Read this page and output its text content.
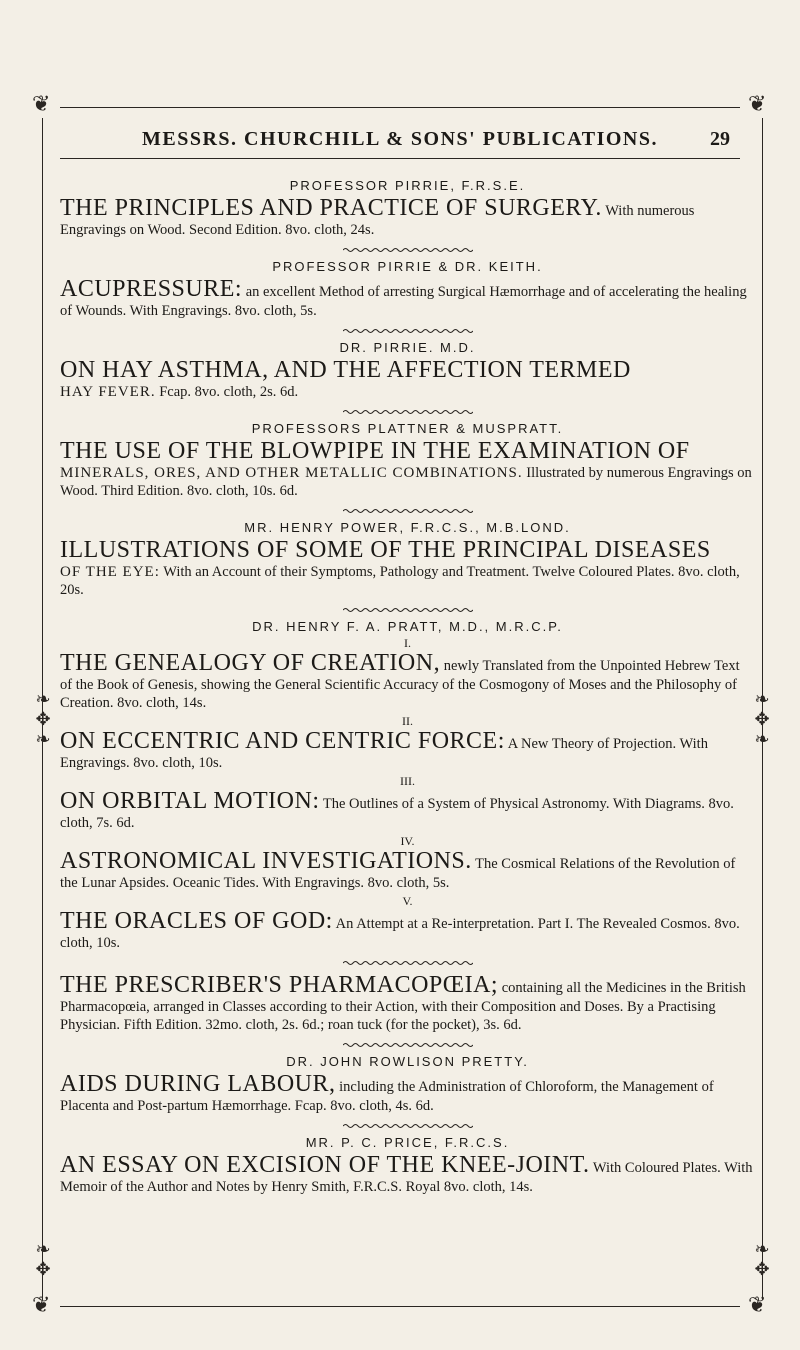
❦	❦
❦	❦
❧
✥
❧
❧
✥
❧
❧
✥
❧
✥
MESSRS. CHURCHILL & SONS' PUBLICATIONS.	29
PROFESSOR PIRRIE, F.R.S.E.
THE PRINCIPLES AND PRACTICE OF SURGERY. With numerous Engravings on Wood. Second Edition. 8vo. cloth, 24s.
PROFESSOR PIRRIE & DR. KEITH.
ACUPRESSURE: an excellent Method of arresting Surgical Hæmorrhage and of accelerating the healing of Wounds. With Engravings. 8vo. cloth, 5s.
DR. PIRRIE. M.D.
ON HAY ASTHMA, AND THE AFFECTION TERMED
HAY FEVER. Fcap. 8vo. cloth, 2s. 6d.
PROFESSORS PLATTNER & MUSPRATT.
THE USE OF THE BLOWPIPE IN THE EXAMINATION OF
MINERALS, ORES, AND OTHER METALLIC COMBINATIONS. Illustrated by numerous Engravings on Wood. Third Edition. 8vo. cloth, 10s. 6d.
MR. HENRY POWER, F.R.C.S., M.B.LOND.
ILLUSTRATIONS OF SOME OF THE PRINCIPAL DISEASES
OF THE EYE: With an Account of their Symptoms, Pathology and Treatment. Twelve Coloured Plates. 8vo. cloth, 20s.
DR. HENRY F. A. PRATT, M.D., M.R.C.P.
I.
THE GENEALOGY OF CREATION, newly Translated from the Unpointed Hebrew Text of the Book of Genesis, showing the General Scientific Accuracy of the Cosmogony of Moses and the Philosophy of Creation. 8vo. cloth, 14s.
II.
ON ECCENTRIC AND CENTRIC FORCE: A New Theory of Projection. With Engravings. 8vo. cloth, 10s.
III.
ON ORBITAL MOTION: The Outlines of a System of Physical Astronomy. With Diagrams. 8vo. cloth, 7s. 6d.
IV.
ASTRONOMICAL INVESTIGATIONS. The Cosmical Relations of the Revolution of the Lunar Apsides. Oceanic Tides. With Engravings. 8vo. cloth, 5s.
V.
THE ORACLES OF GOD: An Attempt at a Re-interpretation. Part I. The Revealed Cosmos. 8vo. cloth, 10s.
THE PRESCRIBER'S PHARMACOPŒIA; containing all the Medicines in the British Pharmacopœia, arranged in Classes according to their Action, with their Composition and Doses. By a Practising Physician. Fifth Edition. 32mo. cloth, 2s. 6d.; roan tuck (for the pocket), 3s. 6d.
DR. JOHN ROWLISON PRETTY.
AIDS DURING LABOUR, including the Administration of Chloroform, the Management of Placenta and Post-partum Hæmorrhage. Fcap. 8vo. cloth, 4s. 6d.
MR. P. C. PRICE, F.R.C.S.
AN ESSAY ON EXCISION OF THE KNEE-JOINT. With Coloured Plates. With Memoir of the Author and Notes by Henry Smith, F.R.C.S. Royal 8vo. cloth, 14s.
